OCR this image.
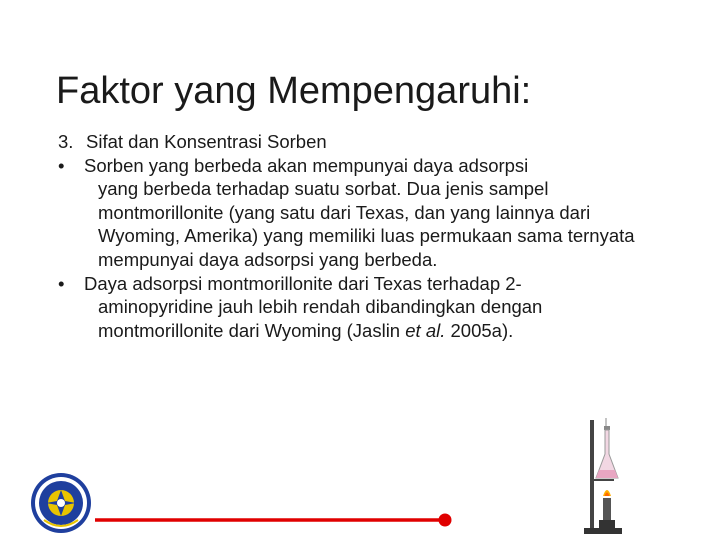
Faktor yang Mempengaruhi:
3. Sifat dan Konsentrasi Sorben
•	Sorben yang berbeda akan mempunyai daya adsorpsi
yang berbeda terhadap suatu sorbat. Dua jenis sampel montmorillonite (yang satu dari Texas, dan yang lainnya dari Wyoming, Amerika) yang memiliki luas permukaan sama ternyata mempunyai daya adsorpsi yang berbeda.
•	Daya adsorpsi montmorillonite dari Texas terhadap 2-
aminopyridine jauh lebih rendah dibandingkan dengan montmorillonite dari Wyoming (Jaslin et al. 2005a).
